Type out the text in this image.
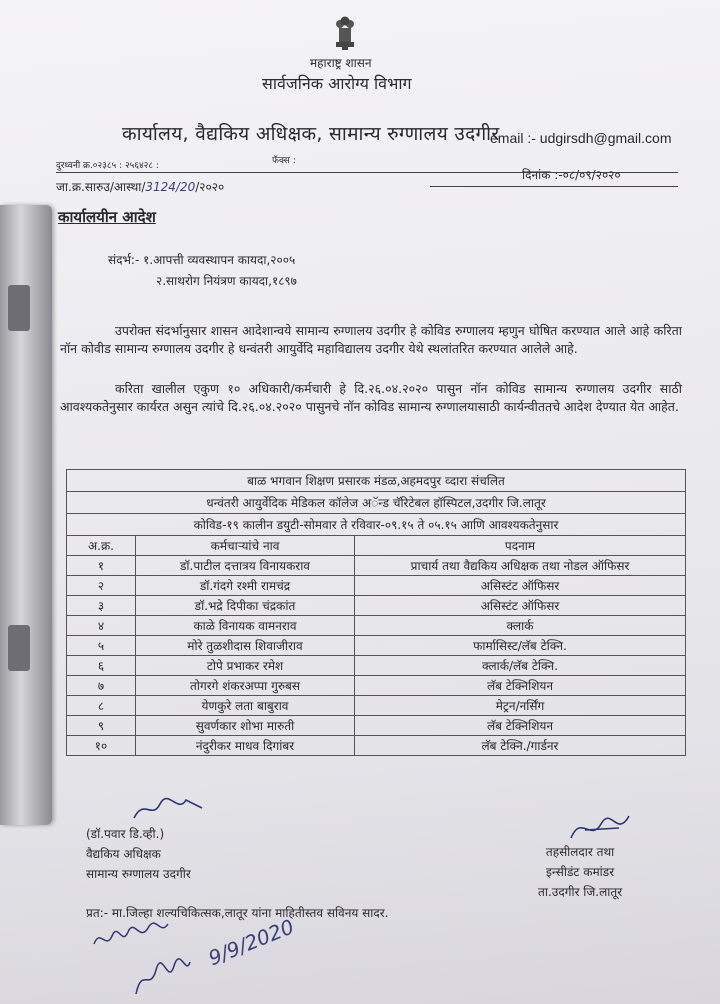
महाराष्ट्र शासन
सार्वजनिक आरोग्य विभाग
कार्यालय, वैद्यकिय अधिक्षक, सामान्य रुग्णालय उदगीर
email :- udgirsdh@gmail.com
दुरध्वनी क्र.०२३८५ : २५६४२८ :	फॅक्स :
जा.क्र.सारुउ/आस्था/3124/20/२०२०
दिनांक :-०८/०९/२०२०
कार्यालयीन आदेश
संदर्भ:- १.आपत्ती व्यवस्थापन कायदा,२००५
२.साथरोग नियंत्रण कायदा,१८९७
उपरोक्त संदर्भानुसार शासन आदेशान्वये सामान्य रुग्णालय उदगीर हे कोविड रुग्णालय म्हणुन घोषित करण्यात आले आहे करिता नॉन कोवीड सामान्य रुग्णालय उदगीर हे धन्वंतरी आयुर्वेदि महाविद्यालय उदगीर येथे स्थलांतरित करण्यात आलेले आहे.
करिता खालील एकुण १० अधिकारी/कर्मचारी हे दि.२६.०४.२०२० पासुन नॉन कोविड सामान्य रुग्णालय उदगीर साठी आवश्यकतेनुसार कार्यरत असुन त्यांचे दि.२६.०४.२०२० पासुनचे नॉन कोविड सामान्य रुग्णालयासाठी कार्यन्वीततचे आदेश देण्यात येत आहेत.
बाळ भगवान शिक्षण प्रसारक मंडळ,अहमदपुर व्दारा संचलित		
धन्वंतरी आयुर्वेदिक मेडिकल कॉलेज अॅन्ड चॅरिटेबल हॉस्पिटल,उदगीर जि.लातूर		
कोविड-१९ कालीन डयुटी-सोमवार ते रविवार-०९.१५ ते ०५.१५ आणि आवश्यकतेनुसार		
अ.क्र.	कर्मचाऱ्यांचे नाव	पदनाम
१	डॉ.पाटील दत्तात्रय विनायकराव	प्राचार्य तथा वैद्यकिय अधिक्षक तथा नोडल ऑफिसर
२	डॉ.गंदगे रश्मी रामचंद्र	असिस्टंट ऑफिसर
३	डॉ.भद्रे दिपीका चंद्रकांत	असिस्टंट ऑफिसर
४	काळे विनायक वामनराव	क्लार्क
५	मोरे तुळशीदास शिवाजीराव	फार्मासिस्ट/लॅब टेक्नि.
६	टोपे प्रभाकर रमेश	क्लार्क/लॅब टेक्नि.
७	तोगरगे शंकरअप्पा गुरुबस	लॅब टेक्निशियन
८	येणकुरे लता बाबुराव	मेट्रन/नर्सिंग
९	सुवर्णकार शोभा मारुती	लॅब टेक्निशियन
१०	नंदुरीकर माधव दिगांबर	लॅब टेक्नि./गार्डनर
(डॉ.पवार डि.व्ही.)
वैद्यकिय अधिक्षक
सामान्य रुग्णालय उदगीर
तहसीलदार तथा
इन्सीडंट कमांडर
ता.उदगीर जि.लातूर
प्रत:- मा.जिल्हा शल्यचिकित्सक,लातूर यांना माहितीस्तव सविनय सादर.
9/9/2020
